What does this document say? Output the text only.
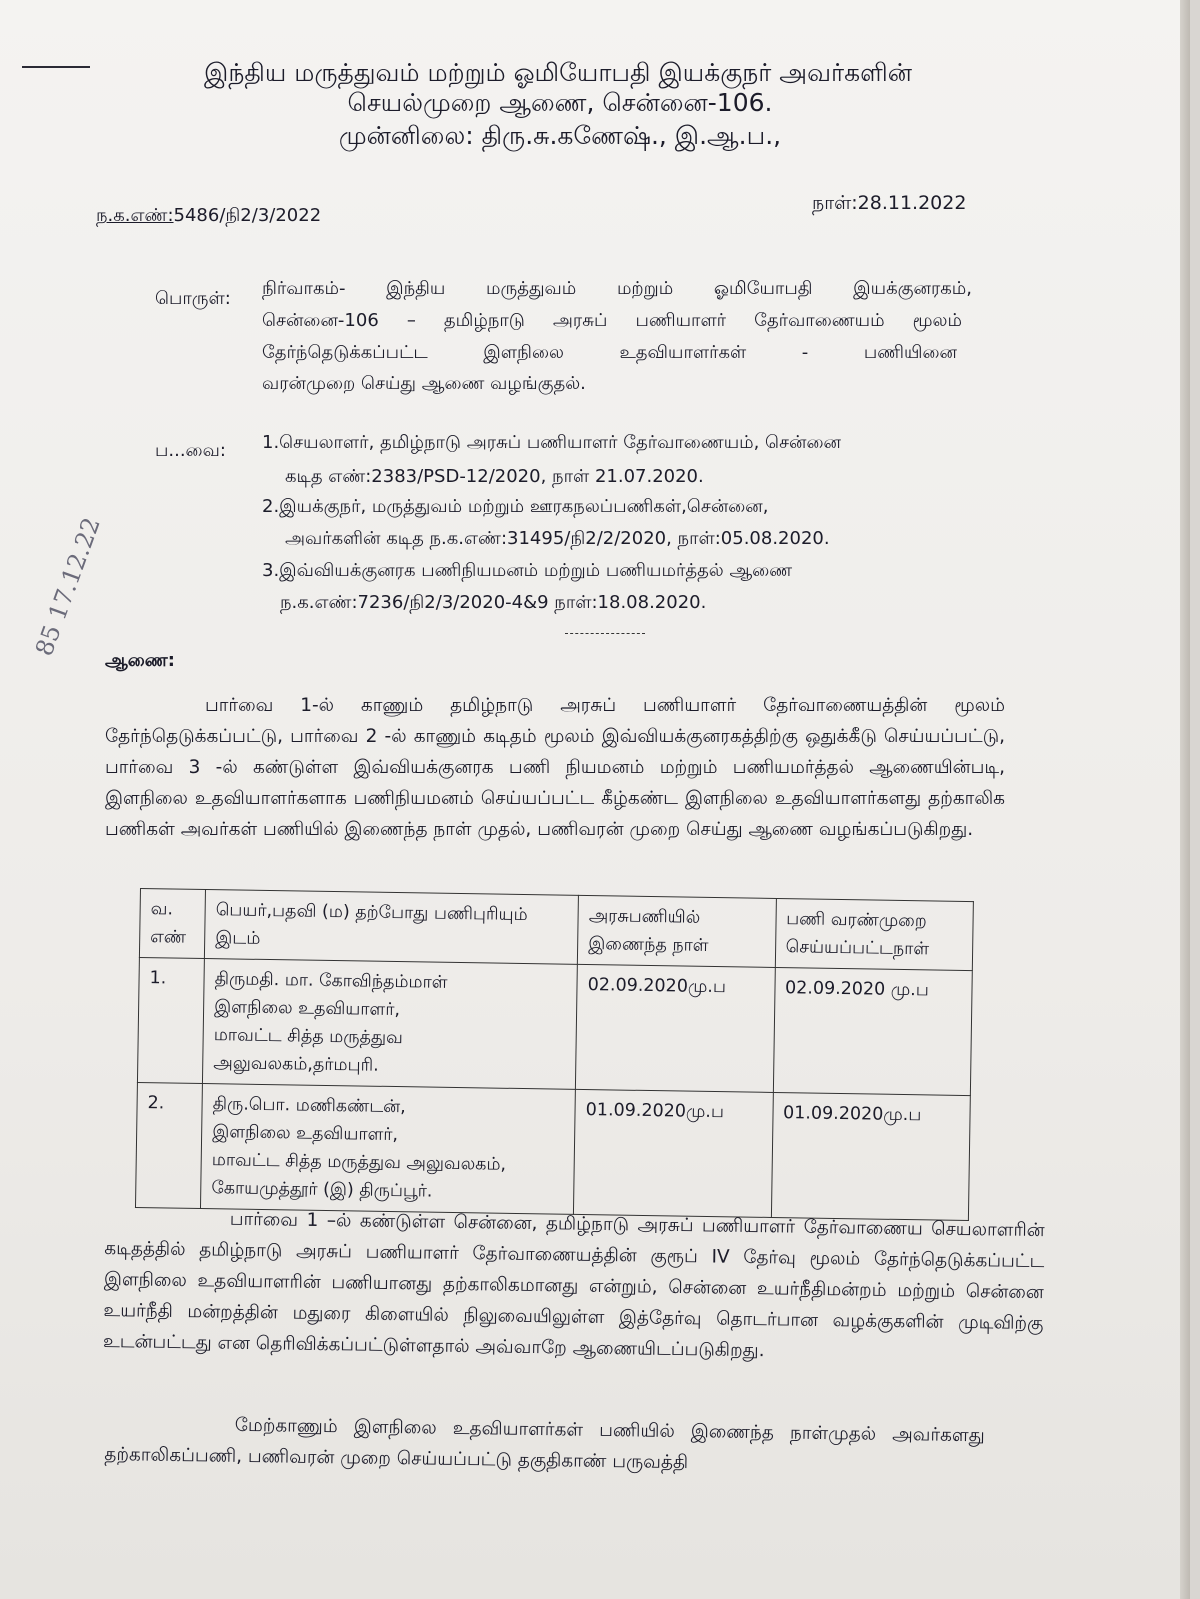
இந்திய மருத்துவம் மற்றும் ஓமியோபதி இயக்குநர் அவர்களின்
செயல்முறை ஆணை, சென்னை-106.
முன்னிலை: திரு.சு.கணேஷ்., இ.ஆ.ப.,
ந.க.எண்:5486/நி2/3/2022
நாள்:28.11.2022
பொருள்: நிர்வாகம்- இந்திய மருத்துவம் மற்றும் ஓமியோபதி இயக்குனரகம்,
சென்னை-106 – தமிழ்நாடு அரசுப் பணியாளர் தேர்வாணையம் மூலம்
தேர்ந்தெடுக்கப்பட்ட இளநிலை உதவியாளர்கள் - பணியினை
வரன்முறை செய்து ஆணை வழங்குதல்.
ப...வை: 1.செயலாளர், தமிழ்நாடு அரசுப் பணியாளர் தேர்வாணையம், சென்னை
கடித எண்:2383/PSD-12/2020, நாள் 21.07.2020.
2.இயக்குநர், மருத்துவம் மற்றும் ஊரகநலப்பணிகள்,சென்னை,
அவர்களின் கடித ந.க.எண்:31495/நி2/2/2020, நாள்:05.08.2020.
3.இவ்வியக்குனரக பணிநியமனம் மற்றும் பணியமர்த்தல் ஆணை
ந.க.எண்:7236/நி2/3/2020-4&9 நாள்:18.08.2020.
85 17.12.22
ஆணை:
பார்வை 1-ல் காணும் தமிழ்நாடு அரசுப் பணியாளர் தேர்வாணையத்தின் மூலம் தேர்ந்தெடுக்கப்பட்டு, பார்வை 2 -ல் காணும் கடிதம் மூலம் இவ்வியக்குனரகத்திற்கு ஒதுக்கீடு செய்யப்பட்டு, பார்வை 3 -ல் கண்டுள்ள இவ்வியக்குனரக பணி நியமனம் மற்றும் பணியமர்த்தல் ஆணையின்படி, இளநிலை உதவியாளர்களாக பணிநியமனம் செய்யப்பட்ட கீழ்கண்ட இளநிலை உதவியாளர்களது தற்காலிக பணிகள் அவர்கள் பணியில் இணைந்த நாள் முதல், பணிவரன் முறை செய்து ஆணை வழங்கப்படுகிறது.
வ. எண்	பெயர்,பதவி (ம) தற்போது பணிபுரியும் இடம்	அரசுபணியில் இணைந்த நாள்	பணி வரண்முறை செய்யப்பட்டநாள்
1.	திருமதி. மா. கோவிந்தம்மாள்
இளநிலை உதவியாளர்,
மாவட்ட சித்த மருத்துவ
அலுவலகம்,தர்மபுரி.	02.09.2020மு.ப	02.09.2020 மு.ப
2.	திரு.பொ. மணிகண்டன்,
இளநிலை உதவியாளர்,
மாவட்ட சித்த மருத்துவ அலுவலகம்,
கோயமுத்தூர் (இ) திருப்பூர்.	01.09.2020மு.ப	01.09.2020மு.ப
பார்வை 1 –ல் கண்டுள்ள சென்னை, தமிழ்நாடு அரசுப் பணியாளர் தேர்வாணைய செயலாளரின் கடிதத்தில் தமிழ்நாடு அரசுப் பணியாளர் தேர்வாணையத்தின் குரூப் IV தேர்வு மூலம் தேர்ந்தெடுக்கப்பட்ட இளநிலை உதவியாளரின் பணியானது தற்காலிகமானது என்றும், சென்னை உயர்நீதிமன்றம் மற்றும் சென்னை உயர்நீதி மன்றத்தின் மதுரை கிளையில் நிலுவையிலுள்ள இத்தேர்வு தொடர்பான வழக்குகளின் முடிவிற்கு உடன்பட்டது என தெரிவிக்கப்பட்டுள்ளதால் அவ்வாறே ஆணையிடப்படுகிறது.
மேற்காணும் இளநிலை உதவியாளர்கள் பணியில் இணைந்த நாள்முதல் அவர்களது தற்காலிகப்பணி, பணிவரன் முறை செய்யப்பட்டு தகுதிகாண் பருவத்தி
